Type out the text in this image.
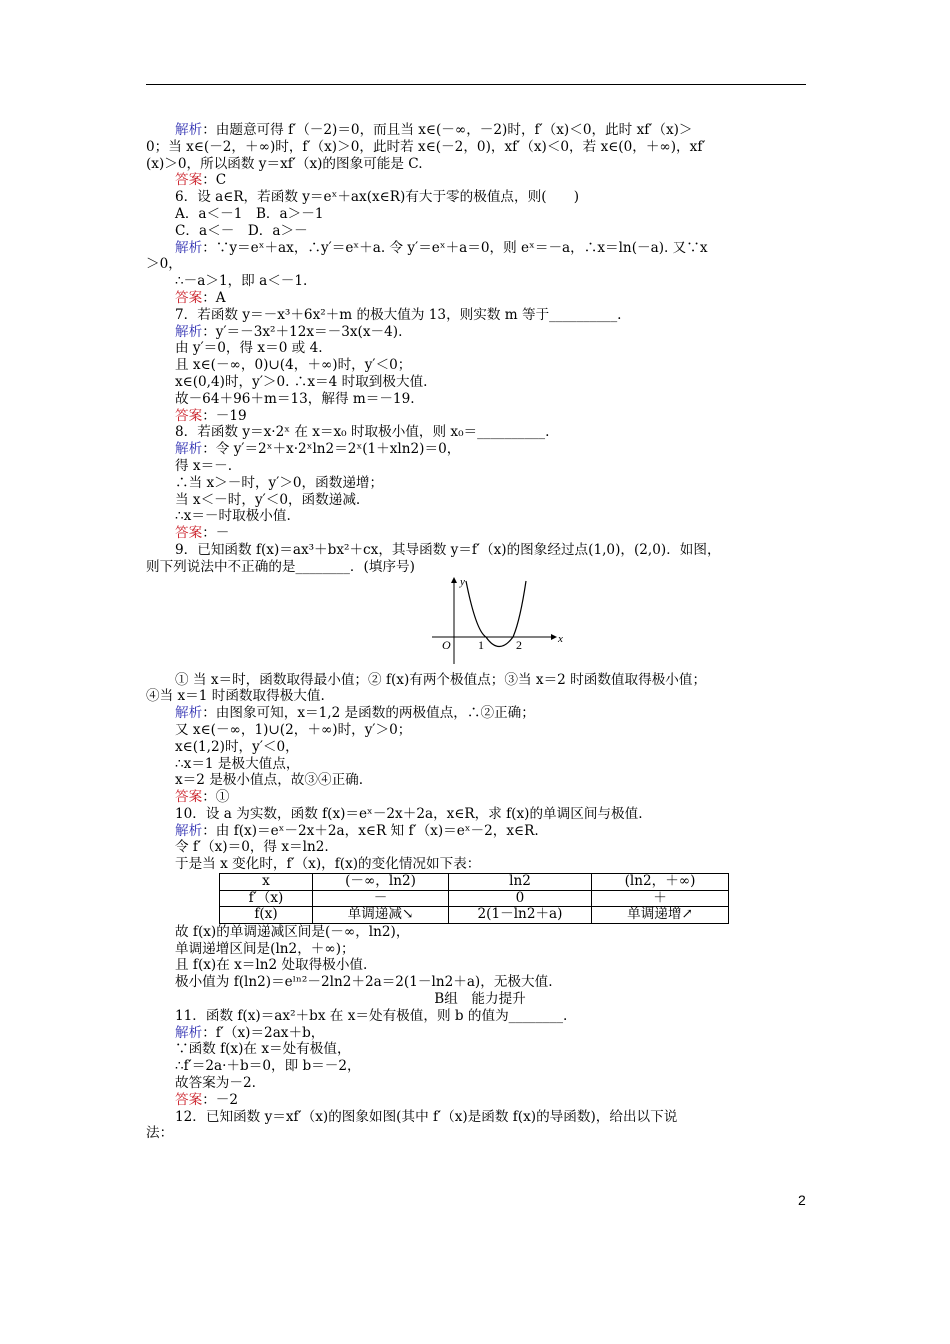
解析：由题意可得 f′（－2)＝0，而且当 x∈(－∞，－2)时，f′（x)＜0，此时 xf′（x)＞
0；当 x∈(－2，＋∞)时，f′（x)＞0，此时若 x∈(－2，0)，xf′（x)＜0，若 x∈(0，＋∞)，xf′
(x)＞0，所以函数 y＝xf′（x)的图象可能是 C.
答案：C
6．设 a∈R，若函数 y＝eˣ＋ax(x∈R)有大于零的极值点，则(　　)
A．a＜－1　B．a＞－1
C．a＜－　D．a＞－
解析：∵y＝eˣ＋ax，∴y′＝eˣ＋a. 令 y′＝eˣ＋a＝0，则 eˣ＝－a，∴x＝ln(－a). 又∵x
＞0，
∴－a＞1，即 a＜－1.
答案：A
7．若函数 y＝－x³＋6x²＋m 的极大值为 13，则实数 m 等于__________.
解析：y′＝－3x²＋12x＝－3x(x－4).
由 y′＝0，得 x＝0 或 4.
且 x∈(－∞，0)∪(4，＋∞)时，y′＜0；
x∈(0,4)时，y′＞0. ∴x＝4 时取到极大值.
故－64＋96＋m＝13，解得 m＝－19.
答案：－19
8．若函数 y＝x·2ˣ 在 x＝x₀ 时取极小值，则 x₀＝__________.
解析：令 y′＝2ˣ＋x·2ˣln2＝2ˣ(1＋xln2)＝0，
得 x＝－.
∴当 x＞－时，y′＞0，函数递增；
当 x＜－时，y′＜0，函数递减.
∴x＝－时取极小值.
答案：－
9．已知函数 f(x)＝ax³＋bx²＋cx，其导函数 y＝f′（x)的图象经过点(1,0)，(2,0)．如图，
则下列说法中不正确的是________．(填序号)
y
x
O 1	2
① 当 x＝时，函数取得最小值；② f(x)有两个极值点；③当 x＝2 时函数值取得极小值；
④当 x＝1 时函数取得极大值.
解析：由图象可知，x＝1,2 是函数的两极值点，∴②正确；
又 x∈(－∞，1)∪(2，＋∞)时，y′＞0；
x∈(1,2)时，y′＜0，
∴x＝1 是极大值点，
x＝2 是极小值点，故③④正确.
答案：①
10．设 a 为实数，函数 f(x)＝eˣ－2x＋2a，x∈R，求 f(x)的单调区间与极值.
解析：由 f(x)＝eˣ－2x＋2a，x∈R 知 f′（x)＝eˣ－2，x∈R.
令 f′（x)＝0，得 x＝ln2.
于是当 x 变化时，f′（x)，f(x)的变化情况如下表：
x	(－∞，ln2)	ln2	(ln2，＋∞)
f′（x)	－	0	＋
f(x)	单调递减↘	2(1－ln2＋a)	单调递增↗
故 f(x)的单调递减区间是(－∞，ln2)，
单调递增区间是(ln2，＋∞)；
且 f(x)在 x＝ln2 处取得极小值.
极小值为 f(ln2)＝eˡⁿ²－2ln2＋2a＝2(1－ln2＋a)，无极大值.
B组　能力提升
11．函数 f(x)＝ax²＋bx 在 x＝处有极值，则 b 的值为________.
解析：f′（x)＝2ax＋b，
∵函数 f(x)在 x＝处有极值，
∴f′＝2a·＋b＝0，即 b＝－2，
故答案为－2.
答案：－2
12．已知函数 y＝xf′（x)的图象如图(其中 f′（x)是函数 f(x)的导函数)，给出以下说
法：
2
